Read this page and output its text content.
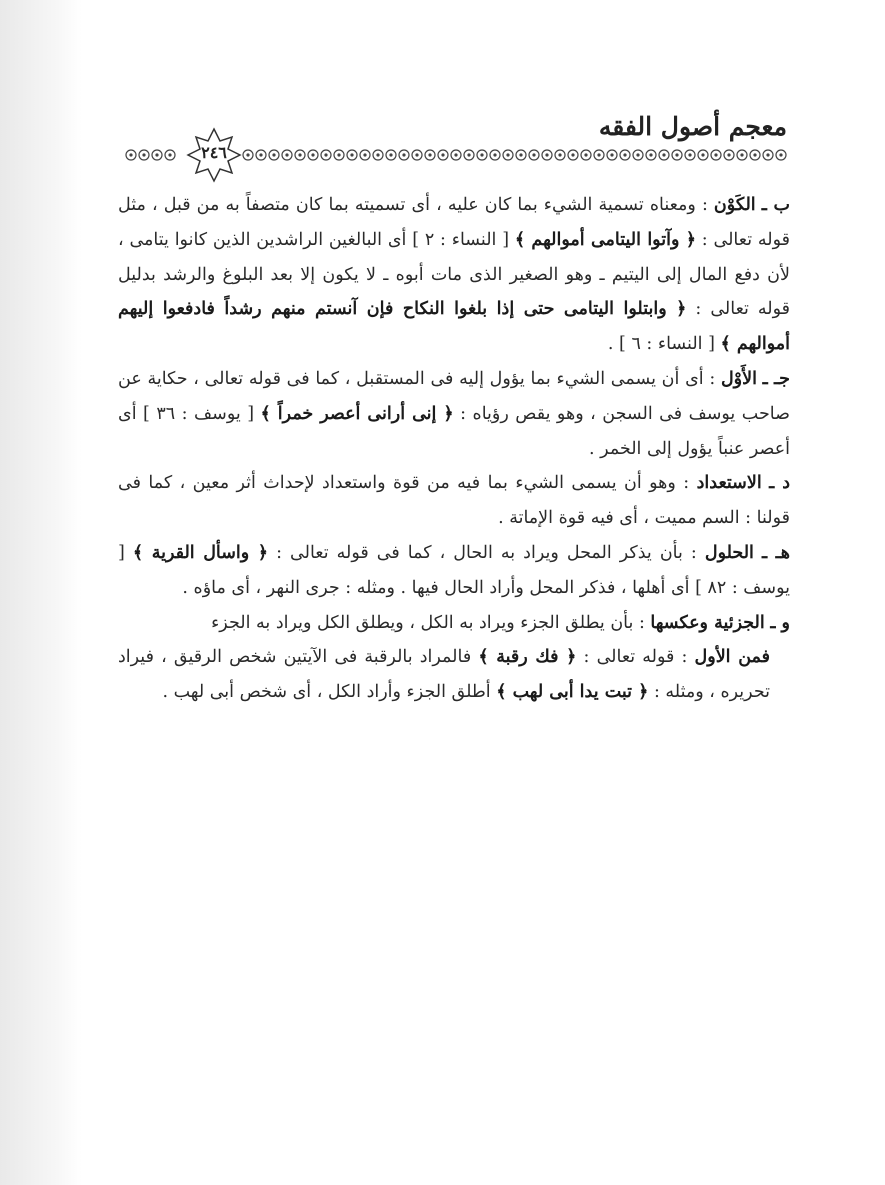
معجم أصول الفقه
٢٤٦

ب ـ الكَوْن : ومعناه تسمية الشيء بما كان عليه ، أى تسميته بما كان متصفاً به من قبل ، مثل قوله تعالى : ﴿ وآتوا اليتامى أموالهم ﴾ [ النساء : ٢ ] أى البالغين الراشدين الذين كانوا يتامى ، لأن دفع المال إلى اليتيم ـ وهو الصغير الذى مات أبوه ـ لا يكون إلا بعد البلوغ والرشد بدليل قوله تعالى : ﴿ وابتلوا اليتامى حتى إذا بلغوا النكاح فإن آنستم منهم رشداً فادفعوا إليهم أموالهم ﴾ [ النساء : ٦ ] .

جـ ـ الأَوْل : أى أن يسمى الشيء بما يؤول إليه فى المستقبل ، كما فى قوله تعالى ، حكاية عن صاحب يوسف فى السجن ، وهو يقص رؤياه : ﴿ إنى أرانى أعصر خمراً ﴾ [ يوسف : ٣٦ ] أى أعصر عنباً يؤول إلى الخمر .

د ـ الاستعداد : وهو أن يسمى الشيء بما فيه من قوة واستعداد لإحداث أثر معين ، كما فى قولنا : السم مميت ، أى فيه قوة الإماتة .

هـ ـ الحلول : بأن يذكر المحل ويراد به الحال ، كما فى قوله تعالى : ﴿ واسأل القرية ﴾ [ يوسف : ٨٢ ] أى أهلها ، فذكر المحل وأراد الحال فيها . ومثله : جرى النهر ، أى ماؤه .

و ـ الجزئية وعكسها : بأن يطلق الجزء ويراد به الكل ، ويطلق الكل ويراد به الجزء

فمن الأول : قوله تعالى : ﴿ فك رقبة ﴾ فالمراد بالرقبة فى الآيتين شخص الرقيق ، فيراد تحريره ، ومثله : ﴿ تبت يدا أبى لهب ﴾ أطلق الجزء وأراد الكل ، أى شخص أبى لهب .
